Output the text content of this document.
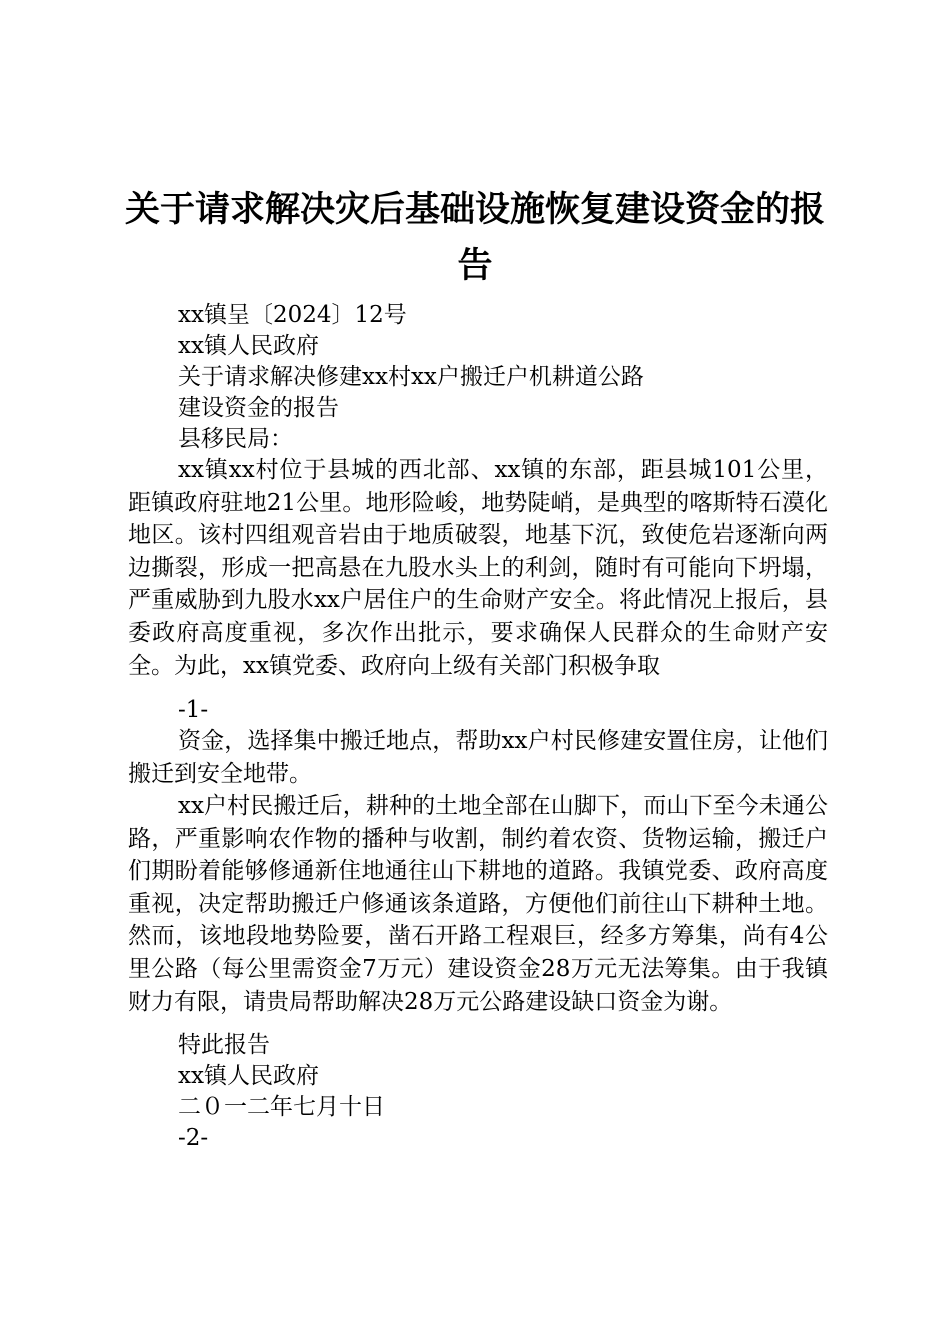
关于请求解决灾后基础设施恢复建设资金的报
告

xx镇呈〔2024〕12号

xx镇人民政府

关于请求解决修建xx村xx户搬迁户机耕道公路

建设资金的报告

县移民局：

xx镇xx村位于县城的西北部、xx镇的东部，距县城101公里，距镇政府驻地21公里。地形险峻，地势陡峭，是典型的喀斯特石漠化地区。该村四组观音岩由于地质破裂，地基下沉，致使危岩逐渐向两边撕裂，形成一把高悬在九股水头上的利剑，随时有可能向下坍塌，严重威胁到九股水xx户居住户的生命财产安全。将此情况上报后，县委政府高度重视，多次作出批示，要求确保人民群众的生命财产安全。为此，xx镇党委、政府向上级有关部门积极争取

-1-

资金，选择集中搬迁地点，帮助xx户村民修建安置住房，让他们搬迁到安全地带。

xx户村民搬迁后，耕种的土地全部在山脚下，而山下至今未通公路，严重影响农作物的播种与收割，制约着农资、货物运输，搬迁户们期盼着能够修通新住地通往山下耕地的道路。我镇党委、政府高度重视，决定帮助搬迁户修通该条道路，方便他们前往山下耕种土地。然而，该地段地势险要，凿石开路工程艰巨，经多方筹集，尚有4公里公路（每公里需资金7万元）建设资金28万元无法筹集。由于我镇财力有限，请贵局帮助解决28万元公路建设缺口资金为谢。

特此报告

xx镇人民政府

二０一二年七月十日

-2-
